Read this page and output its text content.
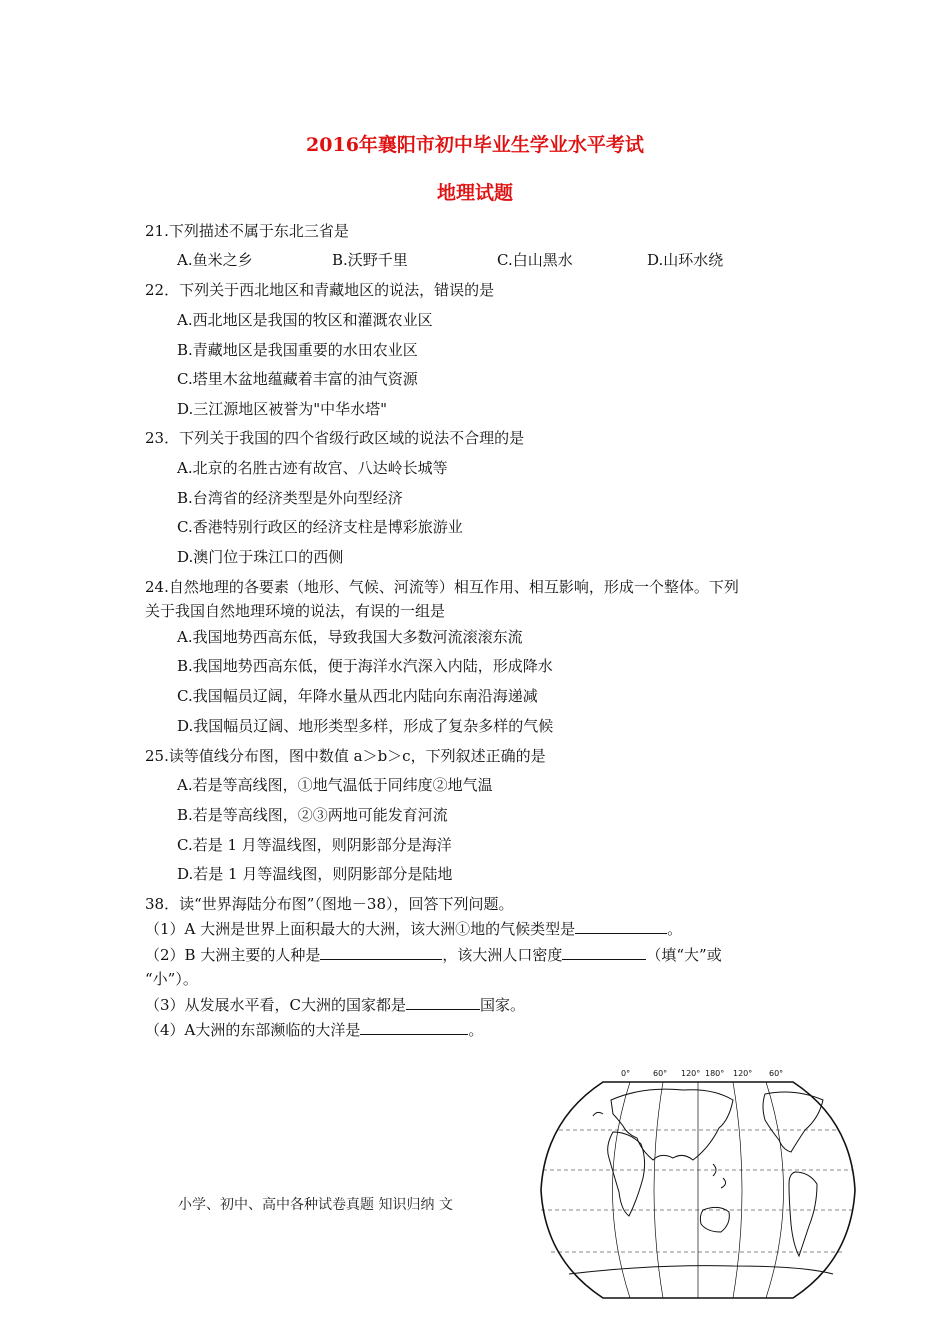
2016年襄阳市初中毕业生学业水平考试
地理试题

21.下列描述不属于东北三省是

A.鱼米之乡	B.沃野千里	C.白山黑水	D.山环水绕

22．下列关于西北地区和青藏地区的说法，错误的是

A.西北地区是我国的牧区和灌溉农业区

B.青藏地区是我国重要的水田农业区

C.塔里木盆地蕴藏着丰富的油气资源

D.三江源地区被誉为"中华水塔"

23．下列关于我国的四个省级行政区域的说法不合理的是

A.北京的名胜古迹有故宫、八达岭长城等

B.台湾省的经济类型是外向型经济

C.香港特别行政区的经济支柱是博彩旅游业

D.澳门位于珠江口的西侧

24.自然地理的各要素（地形、气候、河流等）相互作用、相互影响，形成一个整体。下列

关于我国自然地理环境的说法，有误的一组是

A.我国地势西高东低，导致我国大多数河流滚滚东流

B.我国地势西高东低，便于海洋水汽深入内陆，形成降水

C.我国幅员辽阔，年降水量从西北内陆向东南沿海递减

D.我国幅员辽阔、地形类型多样，形成了复杂多样的气候

25.读等值线分布图，图中数值 a＞b＞c，下列叙述正确的是

A.若是等高线图，①地气温低于同纬度②地气温

B.若是等高线图，②③两地可能发育河流

C.若是 1 月等温线图，则阴影部分是海洋

D.若是 1 月等温线图，则阴影部分是陆地

38．读“世界海陆分布图”（图地－38），回答下列问题。

（1）A 大洲是世界上面积最大的大洲，该大洲①地的气候类型是	。

（2）B 大洲主要的人种是	，该大洲人口密度	（填“大”或

“小”）。

（3）从发展水平看，C大洲的国家都是	国家。

（4）A大洲的东部濒临的大洋是	。

小学、初中、高中各种试卷真题 知识归纳 文
0°	60° 120° 180° 120° 60°
